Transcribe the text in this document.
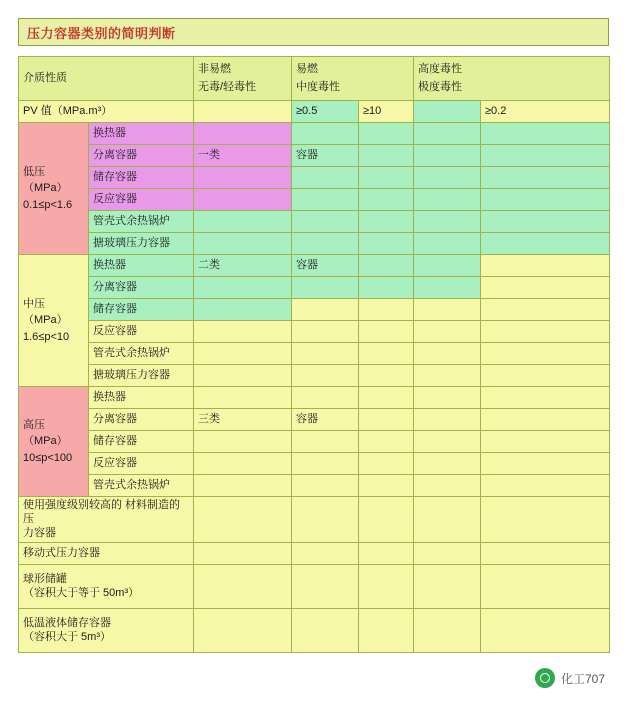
压力容器类别的简明判断
介质性质

非易燃
无毒/轻毒性

易燃
中度毒性

高度毒性
极度毒性

PV 值（MPa.m³）			≥0.5	≥10		≥0.2

低压
（MPa）
0.1≤p<1.6	换热器					
	分离容器	一类	容器			
	储存容器					
	反应容器					
	管壳式余热锅炉					
	搪玻璃压力容器					

中压
（MPa）
1.6≤p<10	换热器	二类	容器			
	分离容器					
	储存容器					
	反应容器					
	管壳式余热锅炉					
	搪玻璃压力容器					

高压
（MPa）
10≤p<100	换热器					
	分离容器	三类	容器			
	储存容器					
	反应容器					
	管壳式余热锅炉					

使用强度级别较高的 材料制造的压
力容器						

移动式压力容器						

球形储罐
（容积大于等于 50m³）						

低温液体储存容器
（容积大于 5m³）						

化工707
